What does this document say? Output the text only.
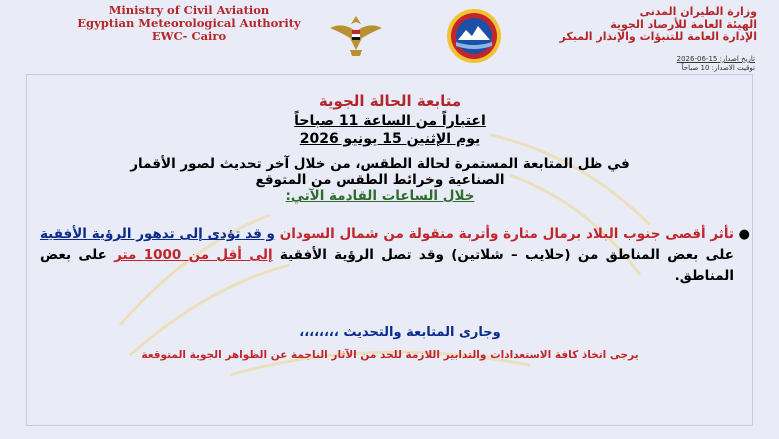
Ministry of Civil Aviation
Egyptian Meteorological Authority
EWC- Cairo
وزارة الطيران المدنى
الهيئة العامة للأرصاد الجوية
الإدارة العامة للتنبؤات والإنذار المبكر
تاريخ اصدار: 15-06-2026
توقيت الاصدار: 10 صباحاً
متابعة الحالة الجوية
اعتباراً من الساعة 11 صباحاً
يوم الإثنين 15 يونيو 2026
في ظل المتابعة المستمرة لحالة الطقس، من خلال آخر تحديث لصور الأقمار الصناعية وخرائط الطقس من المتوقع
خلال الساعات القادمة الآتي:
●
تأثر أقصى جنوب البلاد برمال مثارة وأتربة منقولة من شمال السودان و قد تؤدى إلى تدهور الرؤية الأفقية على بعض المناطق من (حلايب – شلاتين) وقد تصل الرؤية الأفقية إلى أقل من 1000 متر على بعض المناطق.
وجارى المتابعة والتحديث ،،،،،،،،
يرجى اتخاذ كافة الاستعدادات والتدابير اللازمة للحد من الآثار الناجمة عن الظواهر الجوية المتوقعة
